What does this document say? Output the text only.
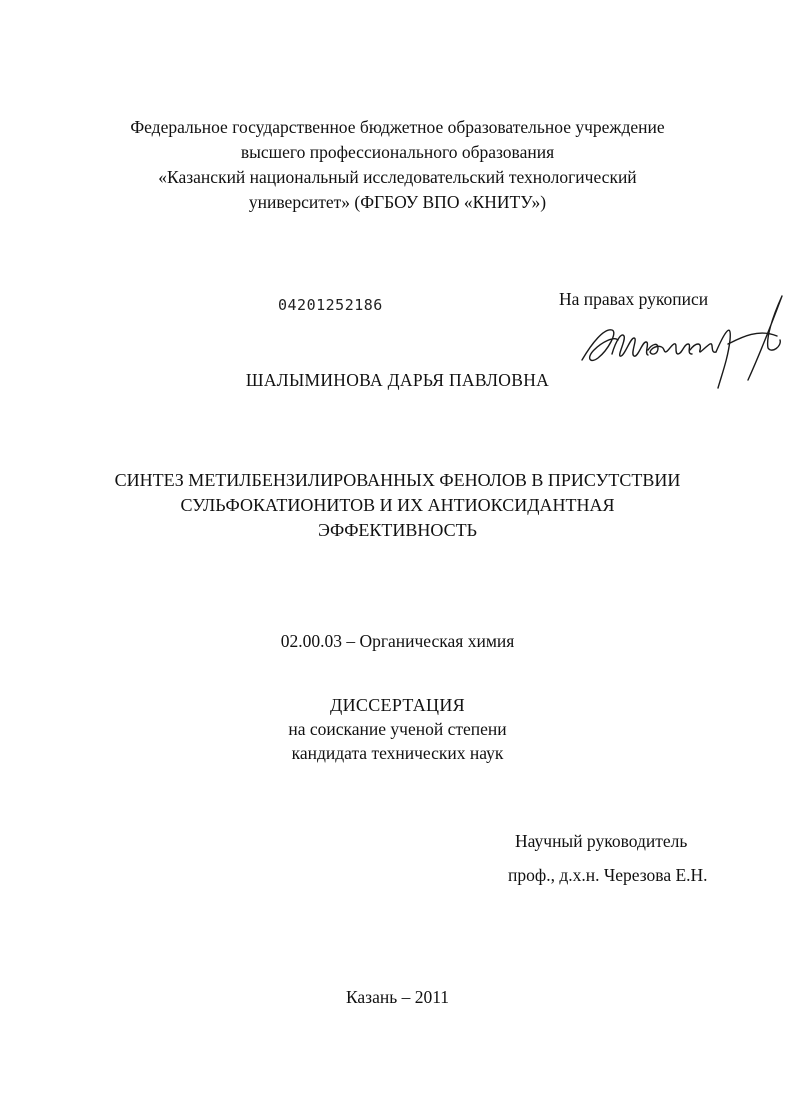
Федеральное государственное бюджетное образовательное учреждение
высшего профессионального образования
«Казанский национальный исследовательский технологический
университет» (ФГБОУ ВПО «КНИТУ»)
04201252186	На правах рукописи
ШАЛЫМИНОВА ДАРЬЯ ПАВЛОВНА
СИНТЕЗ МЕТИЛБЕНЗИЛИРОВАННЫХ ФЕНОЛОВ В ПРИСУТСТВИИ
СУЛЬФОКАТИОНИТОВ И ИХ АНТИОКСИДАНТНАЯ
ЭФФЕКТИВНОСТЬ
02.00.03 – Органическая химия
ДИССЕРТАЦИЯ
на соискание ученой степени
кандидата технических наук
Научный руководитель
проф., д.х.н. Черезова Е.Н.
Казань – 2011
